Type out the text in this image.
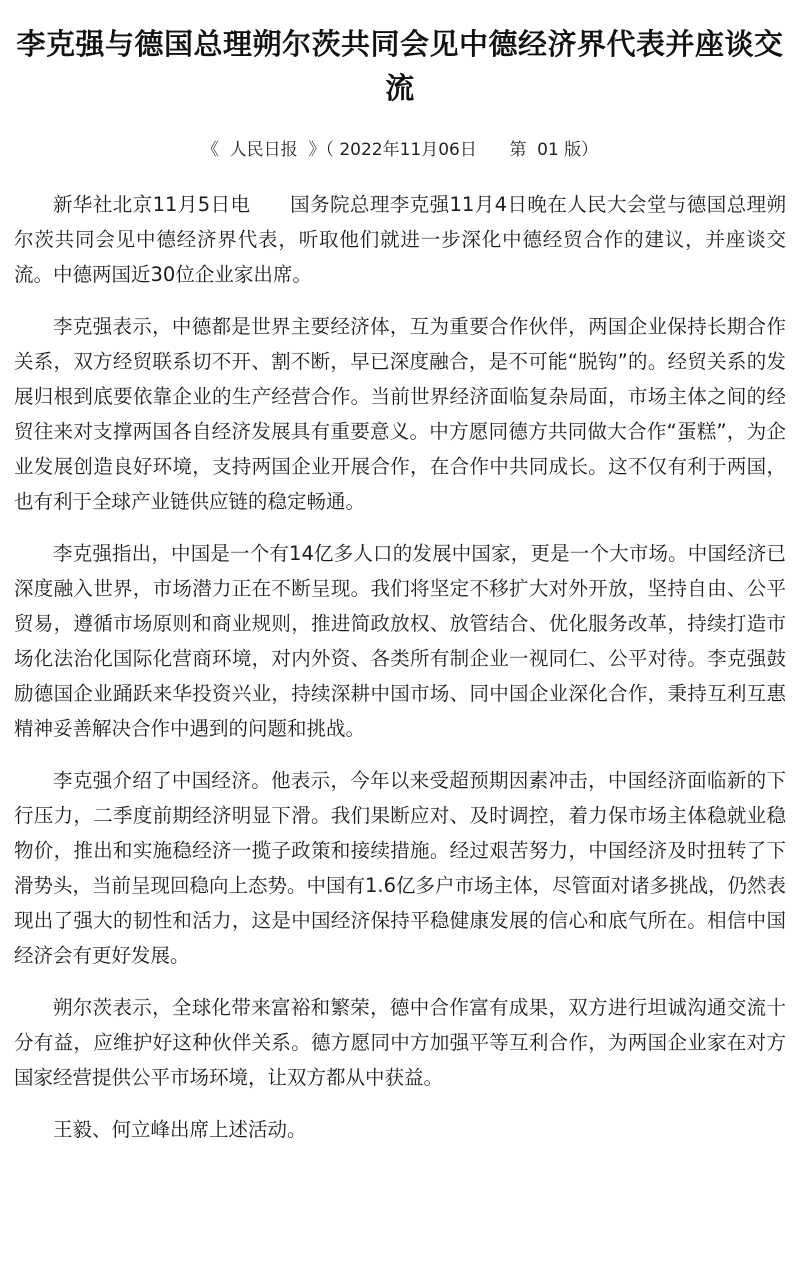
李克强与德国总理朔尔茨共同会见中德经济界代表并座谈交流
《 人民日报 》（ 2022年11月06日 第 01 版）

新华社北京11月5日电 国务院总理李克强11月4日晚在人民大会堂与德国总理朔尔茨共同会见中德经济界代表，听取他们就进一步深化中德经贸合作的建议，并座谈交流。中德两国近30位企业家出席。

李克强表示，中德都是世界主要经济体，互为重要合作伙伴，两国企业保持长期合作关系，双方经贸联系切不开、割不断，早已深度融合，是不可能“脱钩”的。经贸关系的发展归根到底要依靠企业的生产经营合作。当前世界经济面临复杂局面，市场主体之间的经贸往来对支撑两国各自经济发展具有重要意义。中方愿同德方共同做大合作“蛋糕”，为企业发展创造良好环境，支持两国企业开展合作，在合作中共同成长。这不仅有利于两国，也有利于全球产业链供应链的稳定畅通。

李克强指出，中国是一个有14亿多人口的发展中国家，更是一个大市场。中国经济已深度融入世界，市场潜力正在不断呈现。我们将坚定不移扩大对外开放，坚持自由、公平贸易，遵循市场原则和商业规则，推进简政放权、放管结合、优化服务改革，持续打造市场化法治化国际化营商环境，对内外资、各类所有制企业一视同仁、公平对待。李克强鼓励德国企业踊跃来华投资兴业，持续深耕中国市场、同中国企业深化合作，秉持互利互惠精神妥善解决合作中遇到的问题和挑战。

李克强介绍了中国经济。他表示，今年以来受超预期因素冲击，中国经济面临新的下行压力，二季度前期经济明显下滑。我们果断应对、及时调控，着力保市场主体稳就业稳物价，推出和实施稳经济一揽子政策和接续措施。经过艰苦努力，中国经济及时扭转了下滑势头，当前呈现回稳向上态势。中国有1.6亿多户市场主体，尽管面对诸多挑战，仍然表现出了强大的韧性和活力，这是中国经济保持平稳健康发展的信心和底气所在。相信中国经济会有更好发展。

朔尔茨表示，全球化带来富裕和繁荣，德中合作富有成果，双方进行坦诚沟通交流十分有益，应维护好这种伙伴关系。德方愿同中方加强平等互利合作，为两国企业家在对方国家经营提供公平市场环境，让双方都从中获益。

王毅、何立峰出席上述活动。
